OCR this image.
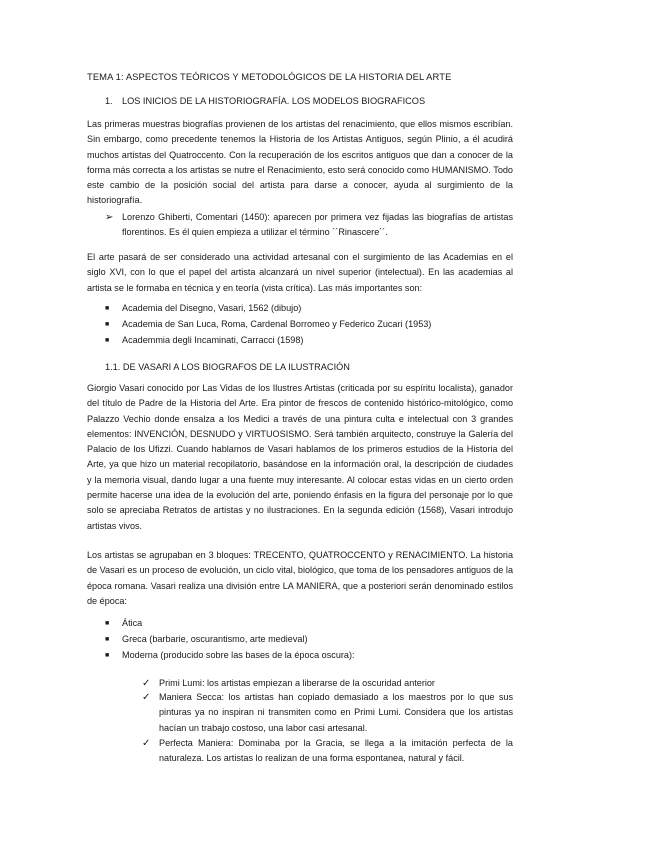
TEMA 1: ASPECTOS TEÓRICOS Y METODOLÓGICOS DE LA HISTORIA DEL ARTE
1. LOS INICIOS DE LA HISTORIOGRAFÍA. LOS MODELOS BIOGRAFICOS

Las primeras muestras biografías provienen de los artistas del renacimiento, que ellos mismos escribían. Sin embargo, como precedente tenemos la Historia de los Artistas Antiguos, según Plinio, a él acudirá muchos artistas del Quatroccento. Con la recuperación de los escritos antiguos que dan a conocer de la forma más correcta a los artistas se nutre el Renacimiento, esto será conocido como HUMANISMO. Todo este cambio de la posición social del artista para darse a conocer, ayuda al surgimiento de la historiografía.

➢ Lorenzo Ghiberti, Comentari (1450): aparecen por primera vez fijadas las biografías de artistas florentinos. Es él quien empieza a utilizar el término ´´Rinascere´´.

El arte pasará de ser considerado una actividad artesanal con el surgimiento de las Academias en el siglo XVI, con lo que el papel del artista alcanzará un nivel superior (intelectual). En las academias al artista se le formaba en técnica y en teoría (vista crítica). Las más importantes son:

■ Academia del Disegno, Vasari, 1562 (dibujo)
■ Academia de San Luca, Roma, Cardenal Borromeo y Federico Zucari (1953)
■ Academmia degli Incaminati, Carracci (1598)
1.1. DE VASARI A LOS BIOGRAFOS DE LA ILUSTRACIÓN

Giorgio Vasari conocido por Las Vidas de los Ilustres Artistas (criticada por su espíritu localista), ganador del título de Padre de la Historia del Arte. Era pintor de frescos de contenido histórico-mitológico, como Palazzo Vechio donde ensalza a los Medici a través de una pintura culta e intelectual con 3 grandes elementos: INVENCIÓN, DESNUDO y VIRTUOSISMO. Será también arquitecto, construye la Galería del Palacio de los Ufizzi. Cuando hablamos de Vasari hablamos de los primeros estudios de la Historia del Arte, ya que hizo un material recopilatorio, basándose en la información oral, la descripción de ciudades y la memoria visual, dando lugar a una fuente muy interesante. Al colocar estas vidas en un cierto orden permite hacerse una idea de la evolución del arte, poniendo énfasis en la figura del personaje por lo que solo se apreciaba Retratos de artistas y no ilustraciones. En la segunda edición (1568), Vasari introdujo artistas vivos.

Los artistas se agrupaban en 3 bloques: TRECENTO, QUATROCCENTO y RENACIMIENTO. La historia de Vasari es un proceso de evolución, un ciclo vital, biológico, que toma de los pensadores antiguos de la época romana. Vasari realiza una división entre LA MANIERA, que a posteriori serán denominado estilos de época:

■ Ática
■ Greca (barbarie, oscurantismo, arte medieval)
■ Moderna (producido sobre las bases de la época oscura):
✓ Primi Lumi: los artistas empiezan a liberarse de la oscuridad anterior

✓ Maniera Secca: los artistas han copiado demasiado a los maestros por lo que sus pinturas ya no inspiran ni transmiten como en Primi Lumi. Considera que los artistas hacían un trabajo costoso, una labor casi artesanal.

✓ Perfecta Maniera: Dominaba por la Gracia, se llega a la imitación perfecta de la naturaleza. Los artistas lo realizan de una forma espontanea, natural y fácil.
